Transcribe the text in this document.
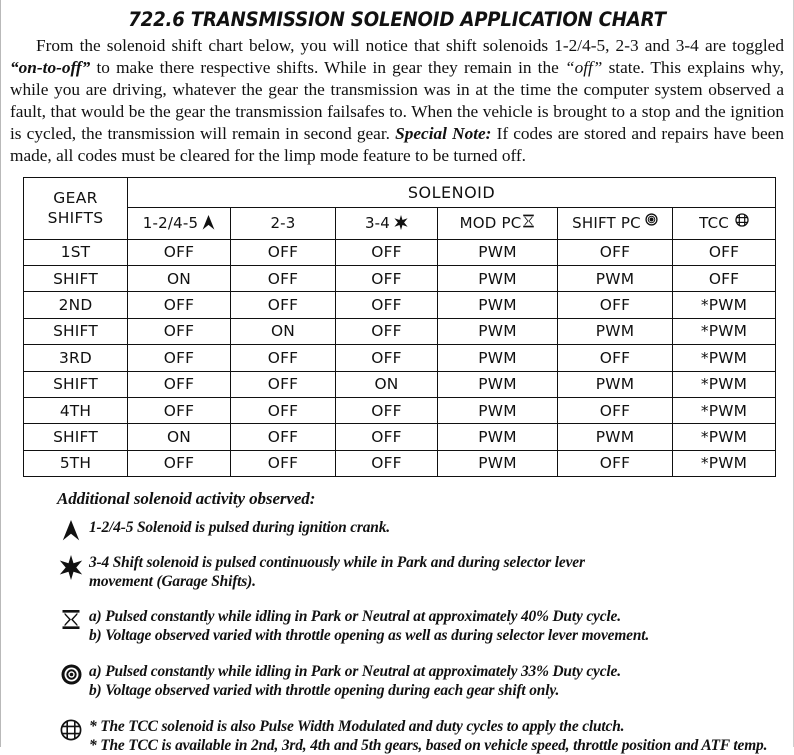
722.6 TRANSMISSION SOLENOID APPLICATION CHART

From the solenoid shift chart below, you will notice that shift solenoids 1-2/4-5, 2-3 and 3-4 are toggled “on-to-off” to make there respective shifts. While in gear they remain in the “off” state. This explains why, while you are driving, whatever the gear the transmission was in at the time the computer system observed a fault, that would be the gear the transmission failsafes to. When the vehicle is brought to a stop and the ignition is cycled, the transmission will remain in second gear. Special Note: If codes are stored and repairs have been made, all codes must be cleared for the limp mode feature to be turned off.

GEAR
SHIFTS	SOLENOID					
	1-2/4-5	2-3	3-4	MOD PC	SHIFT PC	TCC

1ST	OFF	OFF	OFF	PWM	OFF	OFF
SHIFT	ON	OFF	OFF	PWM	PWM	OFF
2ND	OFF	OFF	OFF	PWM	OFF	*PWM
SHIFT	OFF	ON	OFF	PWM	PWM	*PWM
3RD	OFF	OFF	OFF	PWM	OFF	*PWM
SHIFT	OFF	OFF	ON	PWM	PWM	*PWM
4TH	OFF	OFF	OFF	PWM	OFF	*PWM
SHIFT	ON	OFF	OFF	PWM	PWM	*PWM
5TH	OFF	OFF	OFF	PWM	OFF	*PWM
Additional solenoid activity observed:
1-2/4-5 Solenoid is pulsed during ignition crank.
3-4 Shift solenoid is pulsed continuously while in Park and during selector lever
movement (Garage Shifts).
a) Pulsed constantly while idling in Park or Neutral at approximately 40% Duty cycle.
b) Voltage observed varied with throttle opening as well as during selector lever movement.
a) Pulsed constantly while idling in Park or Neutral at approximately 33% Duty cycle.
b) Voltage observed varied with throttle opening during each gear shift only.
* The TCC solenoid is also Pulse Width Modulated and duty cycles to apply the clutch.
* The TCC is available in 2nd, 3rd, 4th and 5th gears, based on vehicle speed, throttle position and ATF temp.
